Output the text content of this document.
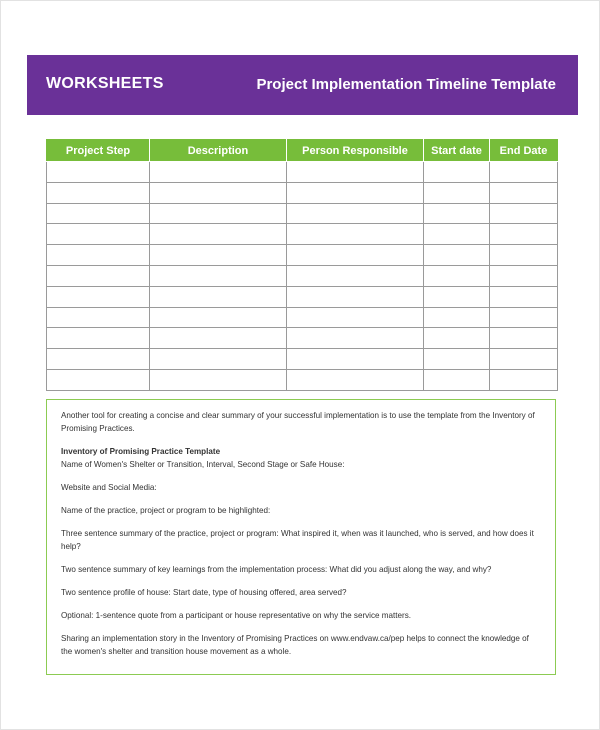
WORKSHEETS	Project Implementation Timeline Template
Project Step	Description	Person Responsible	Start date	End Date

Another tool for creating a concise and clear summary of your successful implementation is to use the template from the Inventory of Promising Practices.

Inventory of Promising Practice Template

Name of Women's Shelter or Transition, Interval, Second Stage or Safe House:

Website and Social Media:

Name of the practice, project or program to be highlighted:

Three sentence summary of the practice, project or program: What inspired it, when was it launched, who is served, and how does it help?

Two sentence summary of key learnings from the implementation process: What did you adjust along the way, and why?

Two sentence profile of house: Start date, type of housing offered, area served?

Optional: 1-sentence quote from a participant or house representative on why the service matters.

Sharing an implementation story in the Inventory of Promising Practices on www.endvaw.ca/pep helps to connect the knowledge of the women's shelter and transition house movement as a whole.
